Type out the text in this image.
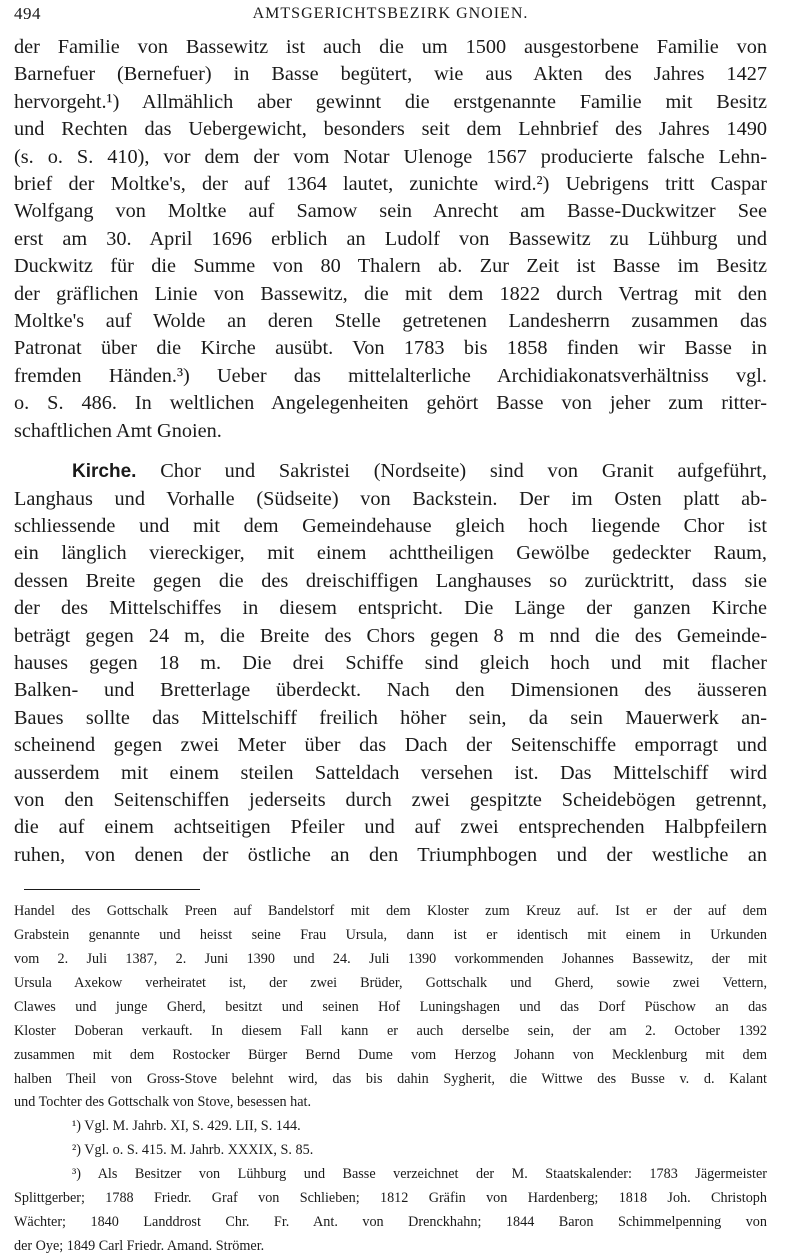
494	AMTSGERICHTSBEZIRK GNOIEN.

der Familie von Bassewitz ist auch die um 1500 ausgestorbene Familie von
Barnefuer (Bernefuer) in Basse begütert, wie aus Akten des Jahres 1427
hervorgeht.¹) Allmählich aber gewinnt die erstgenannte Familie mit Besitz
und Rechten das Uebergewicht, besonders seit dem Lehnbrief des Jahres 1490
(s. o. S. 410), vor dem der vom Notar Ulenoge 1567 producierte falsche Lehn-
brief der Moltke's, der auf 1364 lautet, zunichte wird.²) Uebrigens tritt Caspar
Wolfgang von Moltke auf Samow sein Anrecht am Basse-Duckwitzer See
erst am 30. April 1696 erblich an Ludolf von Bassewitz zu Lühburg und
Duckwitz für die Summe von 80 Thalern ab. Zur Zeit ist Basse im Besitz
der gräflichen Linie von Bassewitz, die mit dem 1822 durch Vertrag mit den
Moltke's auf Wolde an deren Stelle getretenen Landesherrn zusammen das
Patronat über die Kirche ausübt. Von 1783 bis 1858 finden wir Basse in
fremden Händen.³) Ueber das mittelalterliche Archidiakonatsverhältniss vgl.
o. S. 486. In weltlichen Angelegenheiten gehört Basse von jeher zum ritter-
schaftlichen Amt Gnoien.

Kirche. Chor und Sakristei (Nordseite) sind von Granit aufgeführt,
Langhaus und Vorhalle (Südseite) von Backstein. Der im Osten platt ab-
schliessende und mit dem Gemeindehause gleich hoch liegende Chor ist
ein länglich viereckiger, mit einem achttheiligen Gewölbe gedeckter Raum,
dessen Breite gegen die des dreischiffigen Langhauses so zurücktritt, dass sie
der des Mittelschiffes in diesem entspricht. Die Länge der ganzen Kirche
beträgt gegen 24 m, die Breite des Chors gegen 8 m nnd die des Gemeinde-
hauses gegen 18 m. Die drei Schiffe sind gleich hoch und mit flacher
Balken- und Bretterlage überdeckt. Nach den Dimensionen des äusseren
Baues sollte das Mittelschiff freilich höher sein, da sein Mauerwerk an-
scheinend gegen zwei Meter über das Dach der Seitenschiffe emporragt und
ausserdem mit einem steilen Satteldach versehen ist. Das Mittelschiff wird
von den Seitenschiffen jederseits durch zwei gespitzte Scheidebögen getrennt,
die auf einem achtseitigen Pfeiler und auf zwei entsprechenden Halbpfeilern
ruhen, von denen der östliche an den Triumphbogen und der westliche an

Handel des Gottschalk Preen auf Bandelstorf mit dem Kloster zum Kreuz auf. Ist er der auf dem
Grabstein genannte und heisst seine Frau Ursula, dann ist er identisch mit einem in Urkunden
vom 2. Juli 1387, 2. Juni 1390 und 24. Juli 1390 vorkommenden Johannes Bassewitz, der mit
Ursula Axekow verheiratet ist, der zwei Brüder, Gottschalk und Gherd, sowie zwei Vettern,
Clawes und junge Gherd, besitzt und seinen Hof Luningshagen und das Dorf Püschow an das
Kloster Doberan verkauft. In diesem Fall kann er auch derselbe sein, der am 2. October 1392
zusammen mit dem Rostocker Bürger Bernd Dume vom Herzog Johann von Mecklenburg mit dem
halben Theil von Gross-Stove belehnt wird, das bis dahin Sygherit, die Wittwe des Busse v. d. Kalant
und Tochter des Gottschalk von Stove, besessen hat.
¹) Vgl. M. Jahrb. XI, S. 429. LII, S. 144.
²) Vgl. o. S. 415. M. Jahrb. XXXIX, S. 85.
³) Als Besitzer von Lühburg und Basse verzeichnet der M. Staatskalender: 1783 Jägermeister
Splittgerber; 1788 Friedr. Graf von Schlieben; 1812 Gräfin von Hardenberg; 1818 Joh. Christoph
Wächter; 1840 Landdrost Chr. Fr. Ant. von Drenckhahn; 1844 Baron Schimmelpenning von
der Oye; 1849 Carl Friedr. Amand. Strömer.
